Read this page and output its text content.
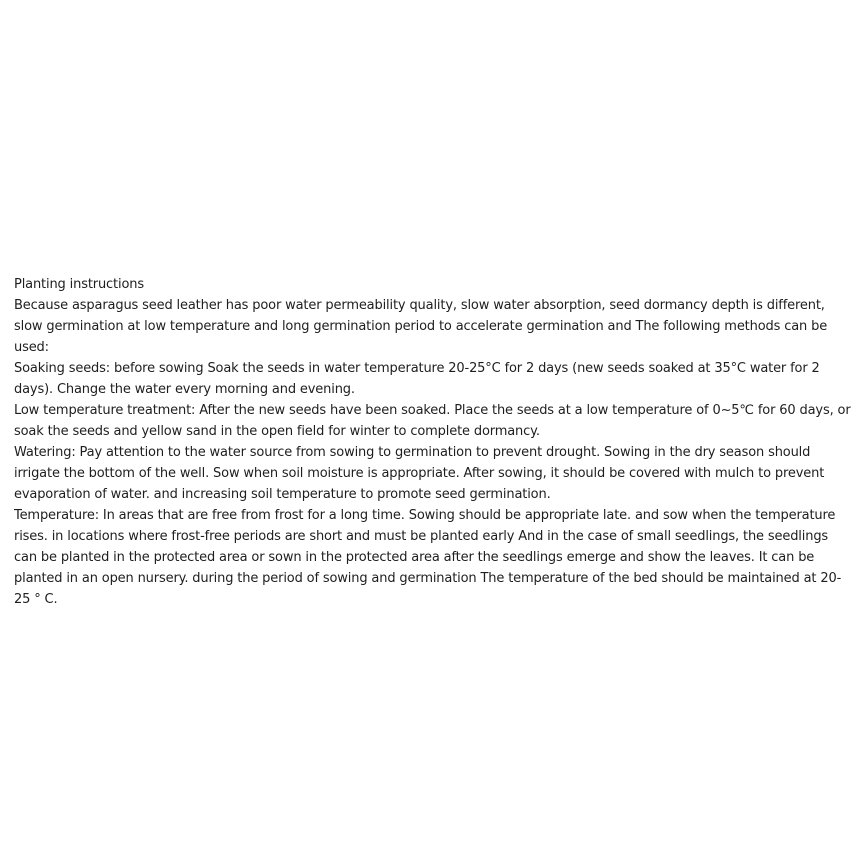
Planting instructions

Because asparagus seed leather has poor water permeability quality, slow water absorption, seed dormancy depth is different, slow germination at low temperature and long germination period to accelerate germination and The following methods can be used:

Soaking seeds: before sowing Soak the seeds in water temperature 20-25°C for 2 days (new seeds soaked at 35°C water for 2 days). Change the water every morning and evening.

Low temperature treatment: After the new seeds have been soaked. Place the seeds at a low temperature of 0~5℃ for 60 days, or soak the seeds and yellow sand in the open field for winter to complete dormancy.

Watering: Pay attention to the water source from sowing to germination to prevent drought. Sowing in the dry season should irrigate the bottom of the well. Sow when soil moisture is appropriate. After sowing, it should be covered with mulch to prevent evaporation of water. and increasing soil temperature to promote seed germination.

Temperature: In areas that are free from frost for a long time. Sowing should be appropriate late. and sow when the temperature rises. in locations where frost-free periods are short and must be planted early And in the case of small seedlings, the seedlings can be planted in the protected area or sown in the protected area after the seedlings emerge and show the leaves. It can be planted in an open nursery. during the period of sowing and germination The temperature of the bed should be maintained at 20-25 ° C.
